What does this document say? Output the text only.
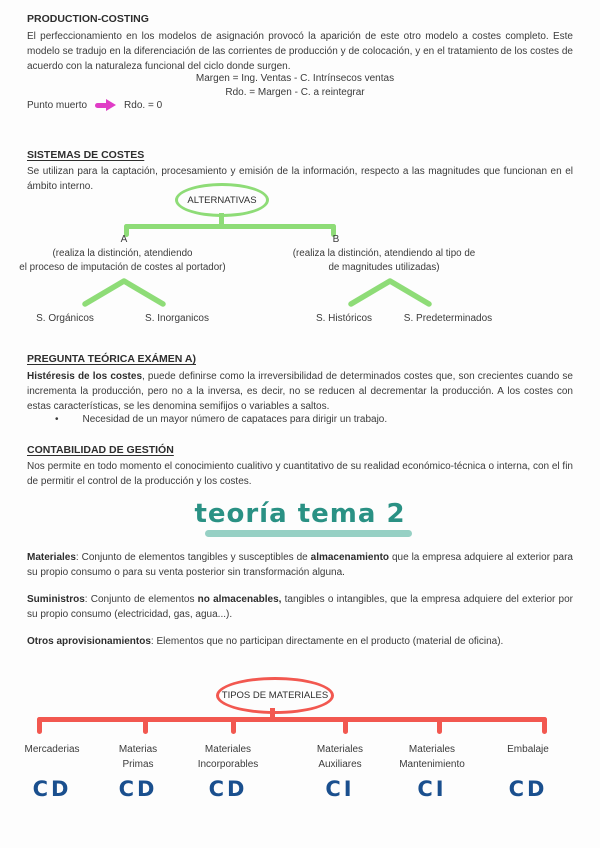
PRODUCTION-COSTING
El perfeccionamiento en los modelos de asignación provocó la aparición de este otro modelo a costes completo. Este modelo se tradujo en la diferenciación de las corrientes de producción y de colocación, y en el tratamiento de los costes de acuerdo con la naturaleza funcional del ciclo donde surgen.
Margen = Ing. Ventas - C. Intrínsecos ventas
Rdo. = Margen - C. a reintegrar
Punto muerto	Rdo. = 0
SISTEMAS DE COSTES
Se utilizan para la captación, procesamiento y emisión de la información, respecto a las magnitudes que funcionan en el ámbito interno.
ALTERNATIVAS
A
(realiza la distinción, atendiendo
el proceso de imputación de costes al portador)
B
(realiza la distinción, atendiendo al tipo de
de magnitudes utilizadas)
S. Orgánicos	S. Inorganicos	S. Históricos	S. Predeterminados
PREGUNTA TEÓRICA EXÁMEN A)
Histéresis de los costes, puede definirse como la irreversibilidad de determinados costes que, son crecientes cuando se incrementa la producción, pero no a la inversa, es decir, no se reducen al decrementar la producción. A los costes con estas características, se les denomina semifijos o variables a saltos.
• Necesidad de un mayor número de capataces para dirigir un trabajo.
CONTABILIDAD DE GESTIÓN
Nos permite en todo momento el conocimiento cualitivo y cuantitativo de su realidad económico-técnica o interna, con el fin de permitir el control de la producción y los costes.
teoría tema 2
Materiales: Conjunto de elementos tangibles y susceptibles de almacenamiento que la empresa adquiere al exterior para su propio consumo o para su venta posterior sin transformación alguna.
Suministros: Conjunto de elementos no almacenables, tangibles o intangibles, que la empresa adquiere del exterior por su propio consumo (electricidad, gas, agua...).
Otros aprovisionamientos: Elementos que no participan directamente en el producto (material de oficina).
TIPOS DE MATERIALES
Mercaderias
CD
Materias
Primas
CD
Materiales
Incorporables
CD
Materiales
Auxiliares
CI
Materiales
Mantenimiento
CI
Embalaje
CD
